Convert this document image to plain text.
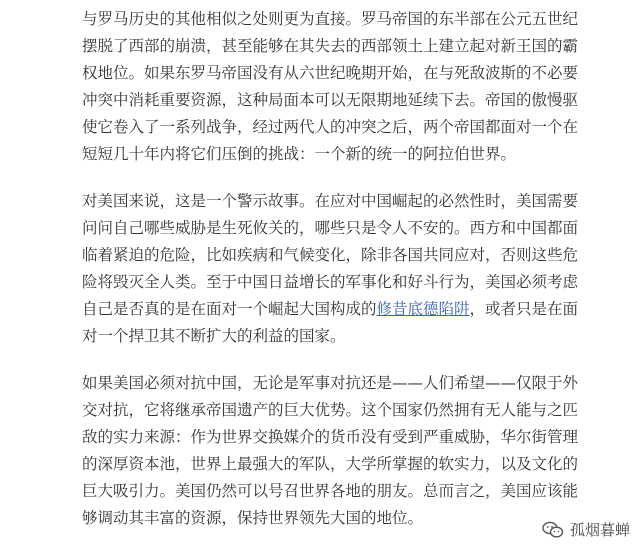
与罗马历史的其他相似之处则更为直接。罗马帝国的东半部在公元五世纪
摆脱了西部的崩溃，甚至能够在其失去的西部领土上建立起对新王国的霸
权地位。如果东罗马帝国没有从六世纪晚期开始，在与死敌波斯的不必要
冲突中消耗重要资源，这种局面本可以无限期地延续下去。帝国的傲慢驱
使它卷入了一系列战争，经过两代人的冲突之后，两个帝国都面对一个在
短短几十年内将它们压倒的挑战：一个新的统一的阿拉伯世界。

对美国来说，这是一个警示故事。在应对中国崛起的必然性时，美国需要
问问自己哪些威胁是生死攸关的，哪些只是令人不安的。西方和中国都面
临着紧迫的危险，比如疾病和气候变化，除非各国共同应对，否则这些危
险将毁灭全人类。至于中国日益增长的军事化和好斗行为，美国必须考虑
自己是否真的是在面对一个崛起大国构成的修昔底德陷阱，或者只是在面
对一个捍卫其不断扩大的利益的国家。

如果美国必须对抗中国，无论是军事对抗还是——人们希望——仅限于外
交对抗，它将继承帝国遗产的巨大优势。这个国家仍然拥有无人能与之匹
敌的实力来源：作为世界交换媒介的货币没有受到严重威胁，华尔街管理
的深厚资本池，世界上最强大的军队，大学所掌握的软实力，以及文化的
巨大吸引力。美国仍然可以号召世界各地的朋友。总而言之，美国应该能
够调动其丰富的资源，保持世界领先大国的地位。

孤烟暮蝉
